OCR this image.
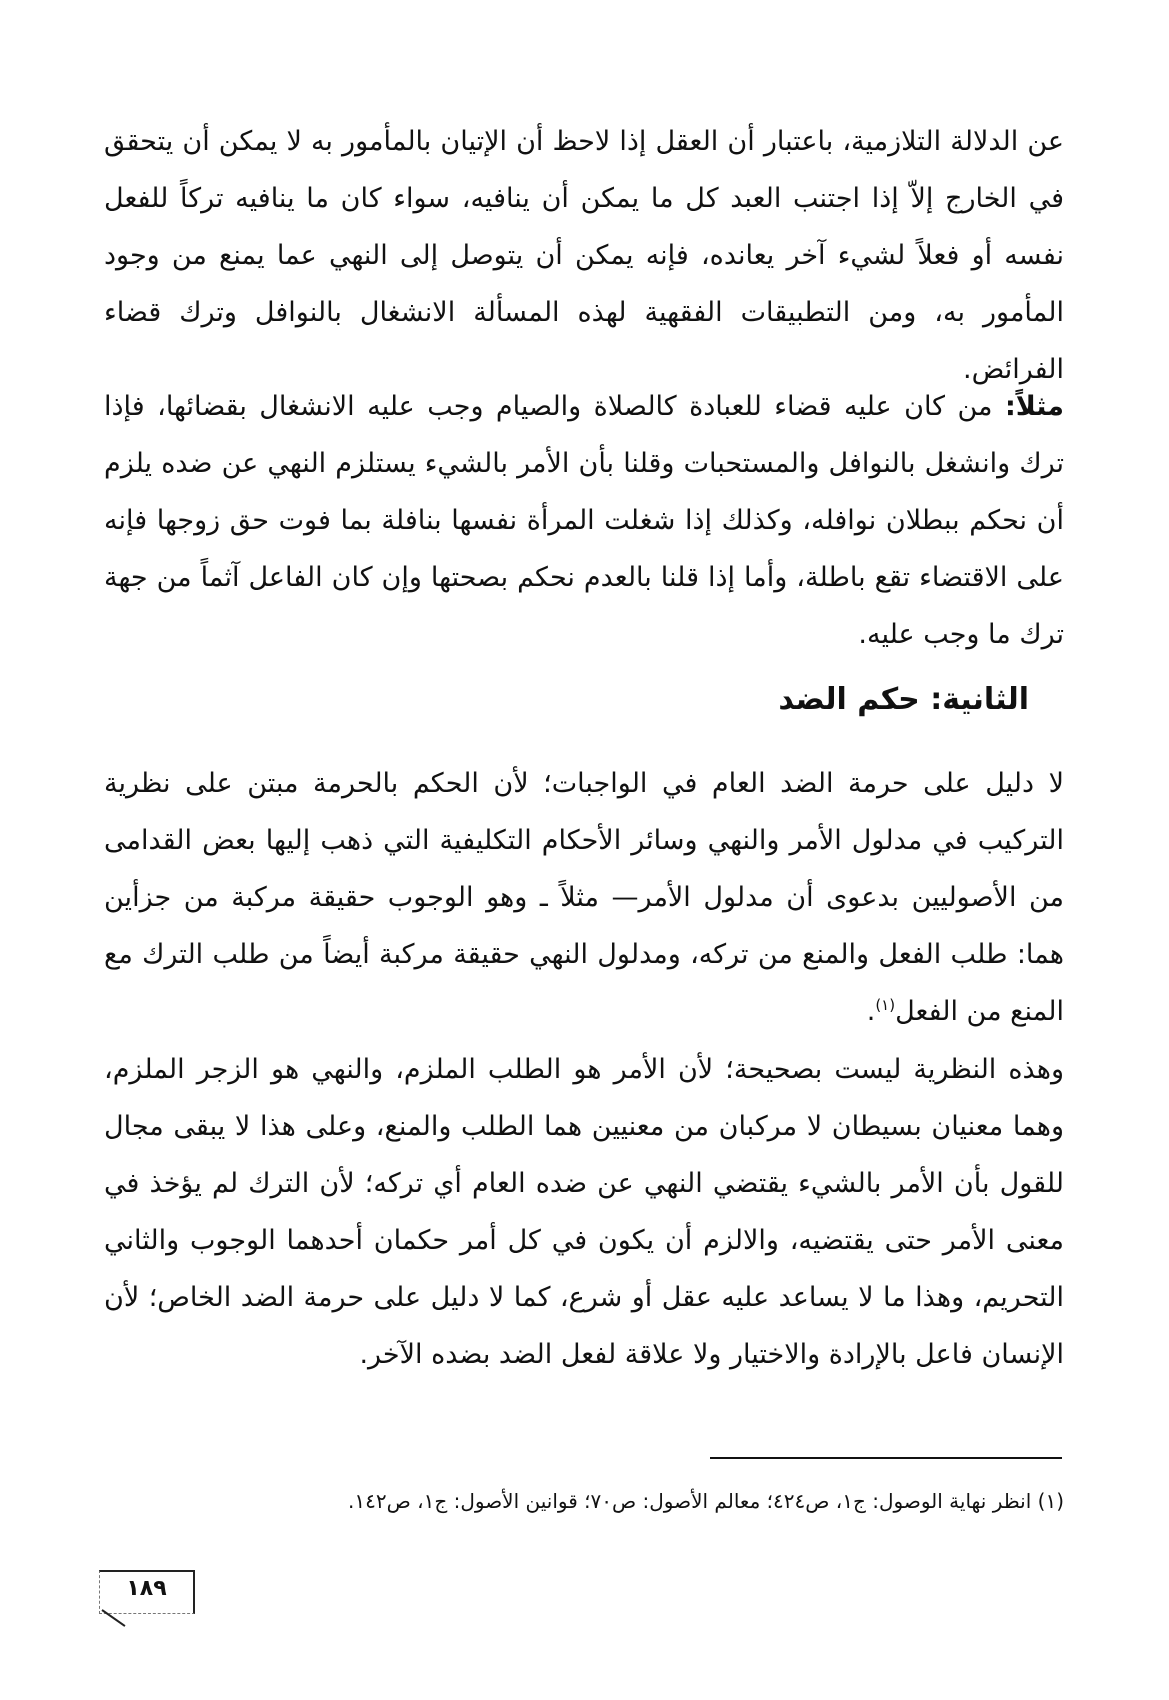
عن الدلالة التلازمية، باعتبار أن العقل إذا لاحظ أن الإتيان بالمأمور به لا يمكن أن يتحقق في الخارج إلاّ إذا اجتنب العبد كل ما يمكن أن ينافيه، سواء كان ما ينافيه تركاً للفعل نفسه أو فعلاً لشيء آخر يعانده، فإنه يمكن أن يتوصل إلى النهي عما يمنع من وجود المأمور به، ومن التطبيقات الفقهية لهذه المسألة الانشغال بالنوافل وترك قضاء الفرائض.

مثلاً: من كان عليه قضاء للعبادة كالصلاة والصيام وجب عليه الانشغال بقضائها، فإذا ترك وانشغل بالنوافل والمستحبات وقلنا بأن الأمر بالشيء يستلزم النهي عن ضده يلزم أن نحكم ببطلان نوافله، وكذلك إذا شغلت المرأة نفسها بنافلة بما فوت حق زوجها فإنه على الاقتضاء تقع باطلة، وأما إذا قلنا بالعدم نحكم بصحتها وإن كان الفاعل آثماً من جهة ترك ما وجب عليه.

الثانية: حكم الضد

لا دليل على حرمة الضد العام في الواجبات؛ لأن الحكم بالحرمة مبتن على نظرية التركيب في مدلول الأمر والنهي وسائر الأحكام التكليفية التي ذهب إليها بعض القدامى من الأصوليين بدعوى أن مدلول الأمر— مثلاً ـ وهو الوجوب حقيقة مركبة من جزأين هما: طلب الفعل والمنع من تركه، ومدلول النهي حقيقة مركبة أيضاً من طلب الترك مع المنع من الفعل$^{(١)}$.

وهذه النظرية ليست بصحيحة؛ لأن الأمر هو الطلب الملزم، والنهي هو الزجر الملزم، وهما معنيان بسيطان لا مركبان من معنيين هما الطلب والمنع، وعلى هذا لا يبقى مجال للقول بأن الأمر بالشيء يقتضي النهي عن ضده العام أي تركه؛ لأن الترك لم يؤخذ في معنى الأمر حتى يقتضيه، والالزم أن يكون في كل أمر حكمان أحدهما الوجوب والثاني التحريم، وهذا ما لا يساعد عليه عقل أو شرع، كما لا دليل على حرمة الضد الخاص؛ لأن الإنسان فاعل بالإرادة والاختيار ولا علاقة لفعل الضد بضده الآخر.

(١) انظر نهاية الوصول: ج١، ص٤٢٤؛ معالم الأصول: ص٧٠؛ قوانين الأصول: ج١، ص١٤٢.

١٨٩
